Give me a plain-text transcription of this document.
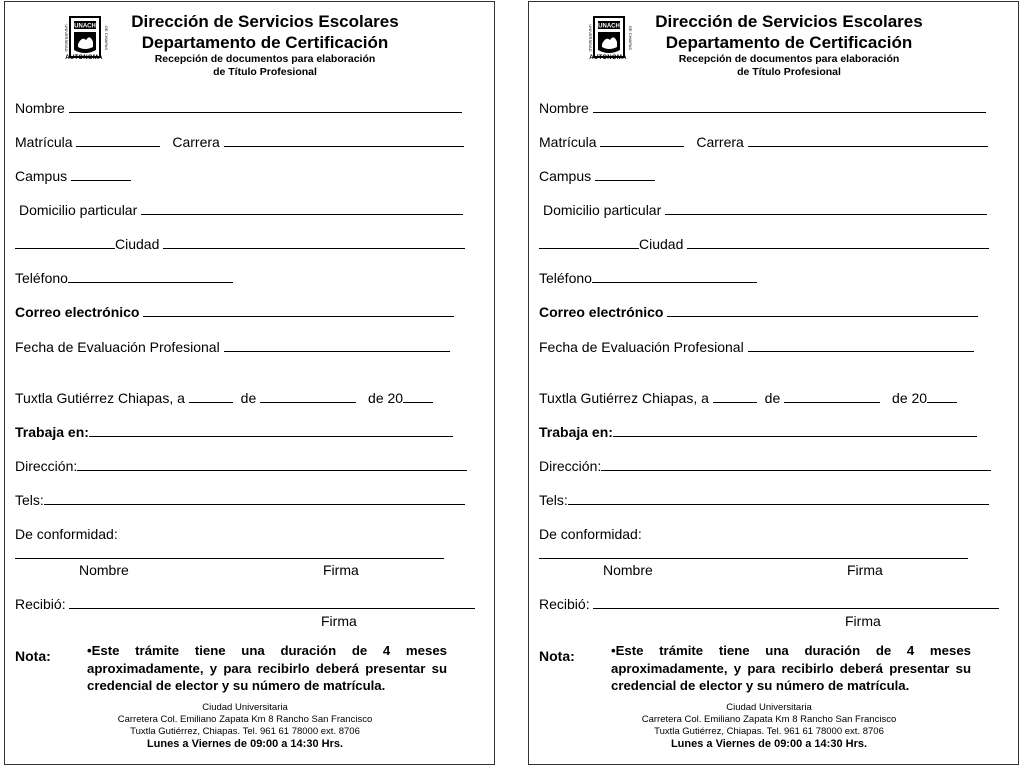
UNACH
UNIVERSIDAD	DE CHIAPAS
AUTONOMA
Dirección de Servicios Escolares
Departamento de Certificación
Recepción de documentos para elaboración
de Título Profesional
Nombre
Matrícula	Carrera
Campus
Domicilio particular
Ciudad
Teléfono
Correo electrónico
Fecha de Evaluación Profesional
Tuxtla Gutiérrez Chiapas, a	de	de 20
Trabaja en:
Dirección:
Tels:
De conformidad:
Nombre	Firma
Recibió:
Firma
Nota:	•Este trámite tiene una duración de 4 meses aproximadamente, y para recibirlo deberá presentar su credencial de elector y su número de matrícula.
Ciudad Universitaria
Carretera Col. Emiliano Zapata Km 8 Rancho San Francisco
Tuxtla Gutiérrez, Chiapas. Tel. 961 61 78000 ext. 8706
Lunes a Viernes de 09:00 a 14:30 Hrs.
UNACH
UNIVERSIDAD	DE CHIAPAS
AUTONOMA
Dirección de Servicios Escolares
Departamento de Certificación
Recepción de documentos para elaboración
de Título Profesional
Nombre
Matrícula	Carrera
Campus
Domicilio particular
Ciudad
Teléfono
Correo electrónico
Fecha de Evaluación Profesional
Tuxtla Gutiérrez Chiapas, a	de	de 20
Trabaja en:
Dirección:
Tels:
De conformidad:
Nombre	Firma
Recibió:
Firma
Nota:	•Este trámite tiene una duración de 4 meses aproximadamente, y para recibirlo deberá presentar su credencial de elector y su número de matrícula.
Ciudad Universitaria
Carretera Col. Emiliano Zapata Km 8 Rancho San Francisco
Tuxtla Gutiérrez, Chiapas. Tel. 961 61 78000 ext. 8706
Lunes a Viernes de 09:00 a 14:30 Hrs.
